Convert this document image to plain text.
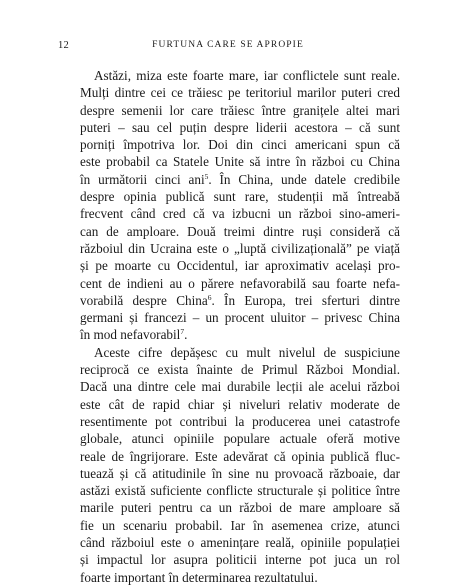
12	FURTUNA CARE SE APROPIE
Astăzi, miza este foarte mare, iar conflictele sunt reale.
Mulți dintre cei ce trăiesc pe teritoriul marilor puteri cred
despre semenii lor care trăiesc între granițele altei mari
puteri – sau cel puțin despre liderii acestora – că sunt
porniți împotriva lor. Doi din cinci americani spun că
este probabil ca Statele Unite să intre în război cu China
în următorii cinci ani$^5$. În China, unde datele credibile
despre opinia publică sunt rare, studenții mă întreabă
frecvent când cred că va izbucni un război sino-ameri-
can de amploare. Două treimi dintre ruși consideră că
războiul din Ucraina este o „luptă civilizațională” pe viață
și pe moarte cu Occidentul, iar aproximativ același pro-
cent de indieni au o părere nefavorabilă sau foarte nefa-
vorabilă despre China$^6$. În Europa, trei sferturi dintre
germani și francezi – un procent uluitor – privesc China
în mod nefavorabil$^7$.
Aceste cifre depășesc cu mult nivelul de suspiciune
reciprocă ce exista înainte de Primul Război Mondial.
Dacă una dintre cele mai durabile lecții ale acelui război
este cât de rapid chiar și niveluri relativ moderate de
resentimente pot contribui la producerea unei catastrofe
globale, atunci opiniile populare actuale oferă motive
reale de îngrijorare. Este adevărat că opinia publică fluc-
tuează și că atitudinile în sine nu provoacă războaie, dar
astăzi există suficiente conflicte structurale și politice între
marile puteri pentru ca un război de mare amploare să
fie un scenariu probabil. Iar în asemenea crize, atunci
când războiul este o amenințare reală, opiniile populației
și impactul lor asupra politicii interne pot juca un rol
foarte important în determinarea rezultatului.
